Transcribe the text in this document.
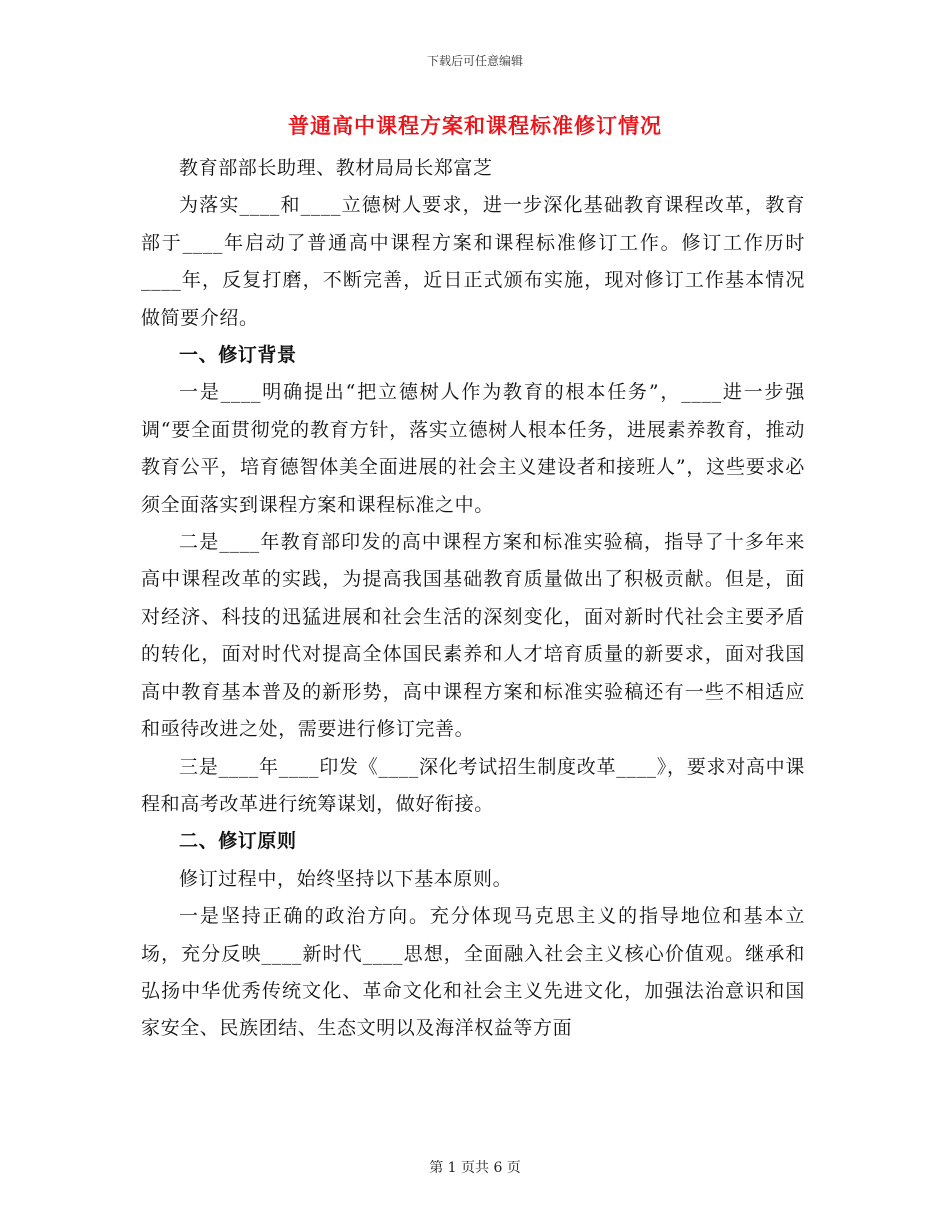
下载后可任意编辑
普通高中课程方案和课程标准修订情况

教育部部长助理、教材局局长郑富芝

为落实____和____立德树人要求，进一步深化基础教育课程改革，教育部于____年启动了普通高中课程方案和课程标准修订工作。修订工作历时____年，反复打磨，不断完善，近日正式颁布实施，现对修订工作基本情况做简要介绍。

一、修订背景

一是____明确提出“把立德树人作为教育的根本任务”，____进一步强调“要全面贯彻党的教育方针，落实立德树人根本任务，进展素养教育，推动教育公平，培育德智体美全面进展的社会主义建设者和接班人”，这些要求必须全面落实到课程方案和课程标准之中。

二是____年教育部印发的高中课程方案和标准实验稿，指导了十多年来高中课程改革的实践，为提高我国基础教育质量做出了积极贡献。但是，面对经济、科技的迅猛进展和社会生活的深刻变化，面对新时代社会主要矛盾的转化，面对时代对提高全体国民素养和人才培育质量的新要求，面对我国高中教育基本普及的新形势，高中课程方案和标准实验稿还有一些不相适应和亟待改进之处，需要进行修订完善。

三是____年____印发《____深化考试招生制度改革____》，要求对高中课程和高考改革进行统筹谋划，做好衔接。

二、修订原则

修订过程中，始终坚持以下基本原则。

一是坚持正确的政治方向。充分体现马克思主义的指导地位和基本立场，充分反映____新时代____思想，全面融入社会主义核心价值观。继承和弘扬中华优秀传统文化、革命文化和社会主义先进文化，加强法治意识和国家安全、民族团结、生态文明以及海洋权益等方面

第 1 页共 6 页
